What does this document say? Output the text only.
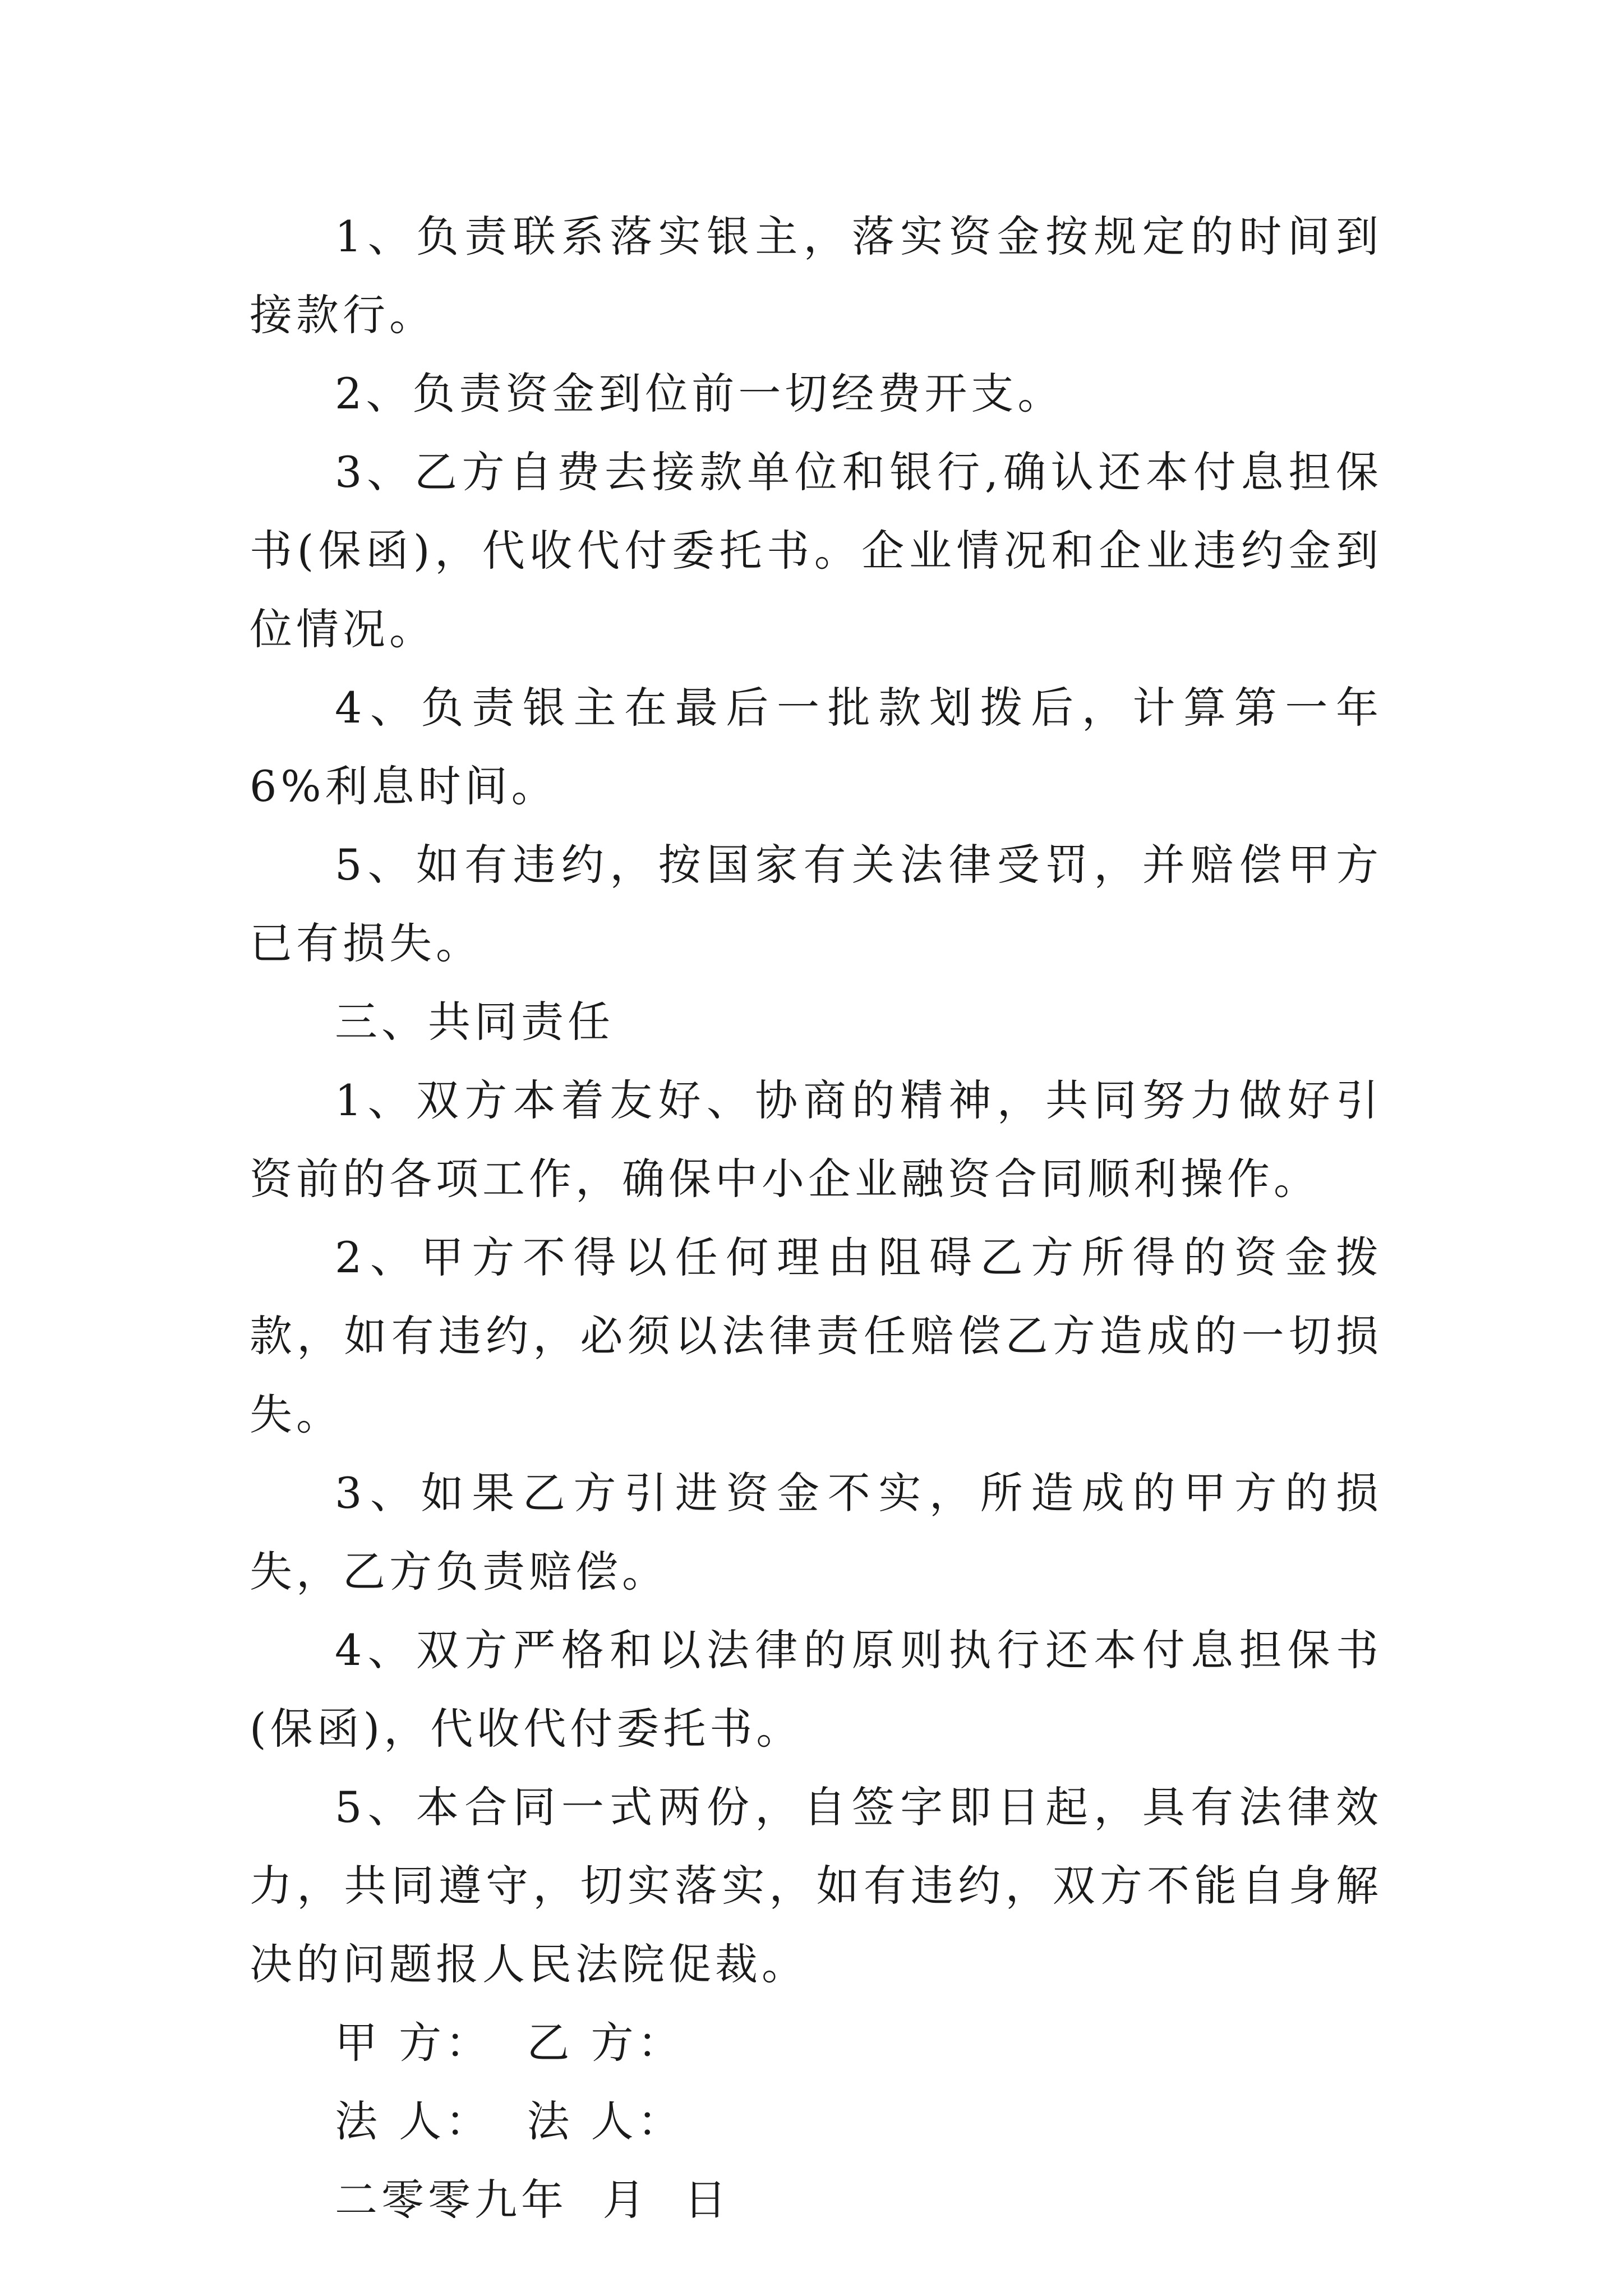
1、负责联系落实银主，落实资金按规定的时间到接款行。

2、负责资金到位前一切经费开支。

3、乙方自费去接款单位和银行,确认还本付息担保书(保函)，代收代付委托书。企业情况和企业违约金到位情况。

4、负责银主在最后一批款划拨后，计算第一年 6%利息时间。

5、如有违约，按国家有关法律受罚，并赔偿甲方已有损失。

三、共同责任

1、双方本着友好、协商的精神，共同努力做好引资前的各项工作，确保中小企业融资合同顺利操作。

2、甲方不得以任何理由阻碍乙方所得的资金拨款，如有违约，必须以法律责任赔偿乙方造成的一切损失。

3、如果乙方引进资金不实，所造成的甲方的损失，乙方负责赔偿。

4、双方严格和以法律的原则执行还本付息担保书(保函)，代收代付委托书。

5、本合同一式两份，自签字即日起，具有法律效力，共同遵守，切实落实，如有违约，双方不能自身解决的问题报人民法院促裁。

甲 方：  乙 方：

法 人：  法 人：

二零零九年  月  日
